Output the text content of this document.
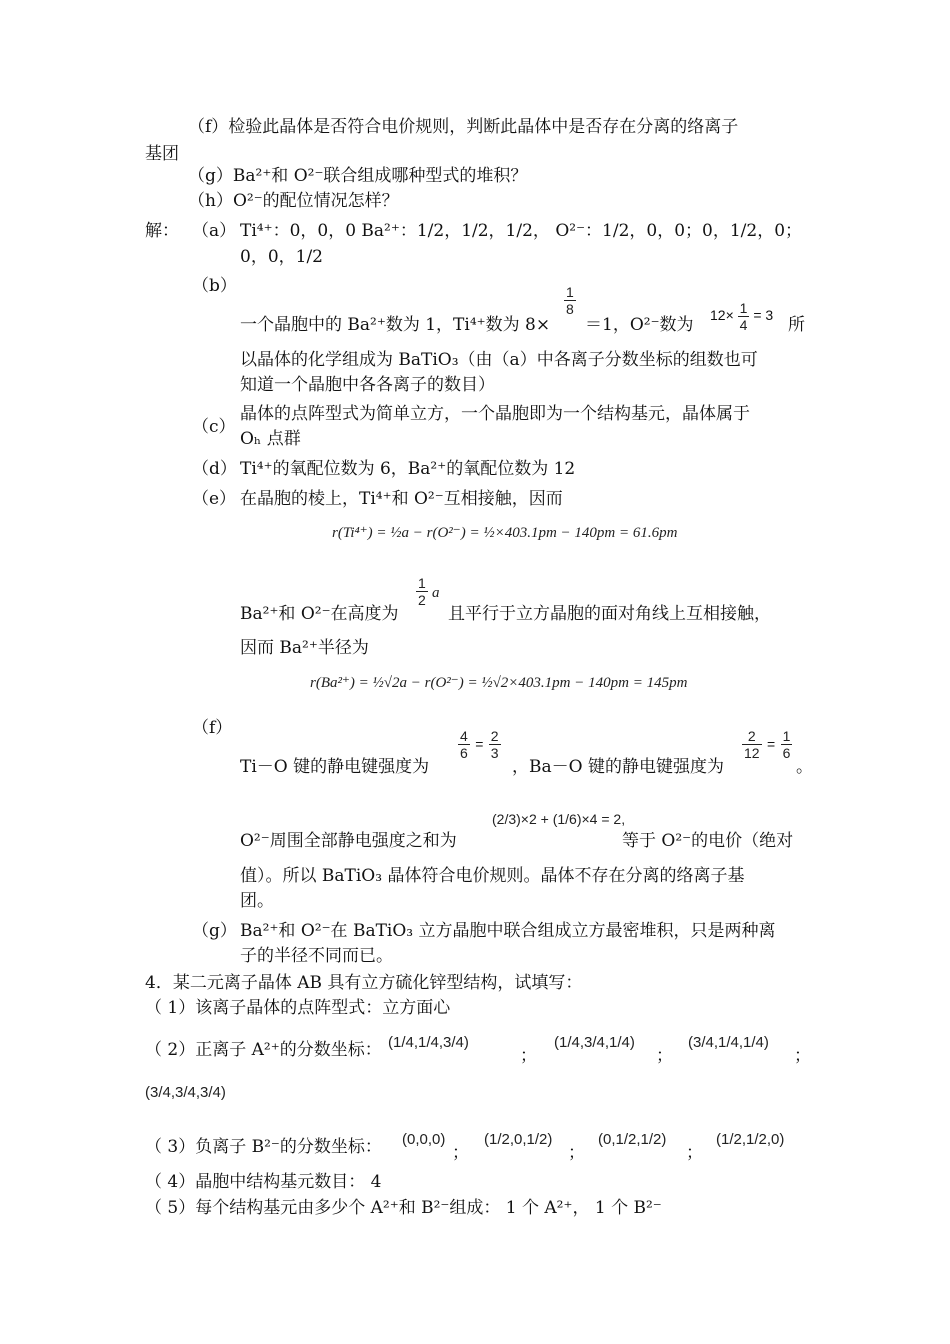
（f）检验此晶体是否符合电价规则，判断此晶体中是否存在分离的络离子
基团
（g）Ba²⁺和 O²⁻联合组成哪种型式的堆积？
（h）O²⁻的配位情况怎样？
解： （a） Ti⁴⁺：0，0，0 Ba²⁺：1/2，1/2，1/2， O²⁻：1/2，0，0；0，1/2，0；
0，0，1/2
（b）
一个晶胞中的 Ba²⁺数为 1，Ti⁴⁺数为 8×
$\frac{1}{8}$
＝1，O²⁻数为 $12\times \frac{1}{4} = 3$ 所
以晶体的化学组成为 BaTiO₃（由（a）中各离子分数坐标的组数也可
知道一个晶胞中各各离子的数目）
（c）
晶体的点阵型式为简单立方，一个晶胞即为一个结构基元，晶体属于
Oₕ 点群
（d） Ti⁴⁺的氧配位数为 6，Ba²⁺的氧配位数为 12
（e） 在晶胞的棱上，Ti⁴⁺和 O²⁻互相接触，因而
r(Ti⁴⁺) = ½a − r(O²⁻) = ½×403.1pm − 140pm = 61.6pm
Ba²⁺和 O²⁻在高度为
$\frac{1}{2}$ a
且平行于立方晶胞的面对角线上互相接触，
因而 Ba²⁺半径为
r(Ba²⁺) = ½√2a − r(O²⁻) = ½√2×403.1pm − 140pm = 145pm
（f）
Ti－O 键的静电键强度为
$\frac{4}{6} = \frac{2}{3}$
，Ba－O 键的静电键强度为
$\frac{2}{12} = \frac{1}{6}$
。
O²⁻周围全部静电强度之和为
(2/3)×2 + (1/6)×4 = 2,
等于 O²⁻的电价（绝对
值）。所以 BaTiO₃ 晶体符合电价规则。晶体不存在分离的络离子基
团。
（g） Ba²⁺和 O²⁻在 BaTiO₃ 立方晶胞中联合组成立方最密堆积，只是两种离
子的半径不同而已。
4．某二元离子晶体 AB 具有立方硫化锌型结构，试填写：
（ 1）该离子晶体的点阵型式：立方面心
（ 2）正离子 A²⁺的分数坐标： (1/4,1/4,3/4)
；
(1/4,3/4,1/4)
；
(3/4,1/4,1/4)
；
(3/4,3/4,3/4)
（ 3）负离子 B²⁻的分数坐标： (0,0,0)
；
(1/2,0,1/2)
；
(0,1/2,1/2)
；
(1/2,1/2,0)
（ 4）晶胞中结构基元数目： 4
（ 5）每个结构基元由多少个 A²⁺和 B²⁻组成： 1 个 A²⁺， 1 个 B²⁻
